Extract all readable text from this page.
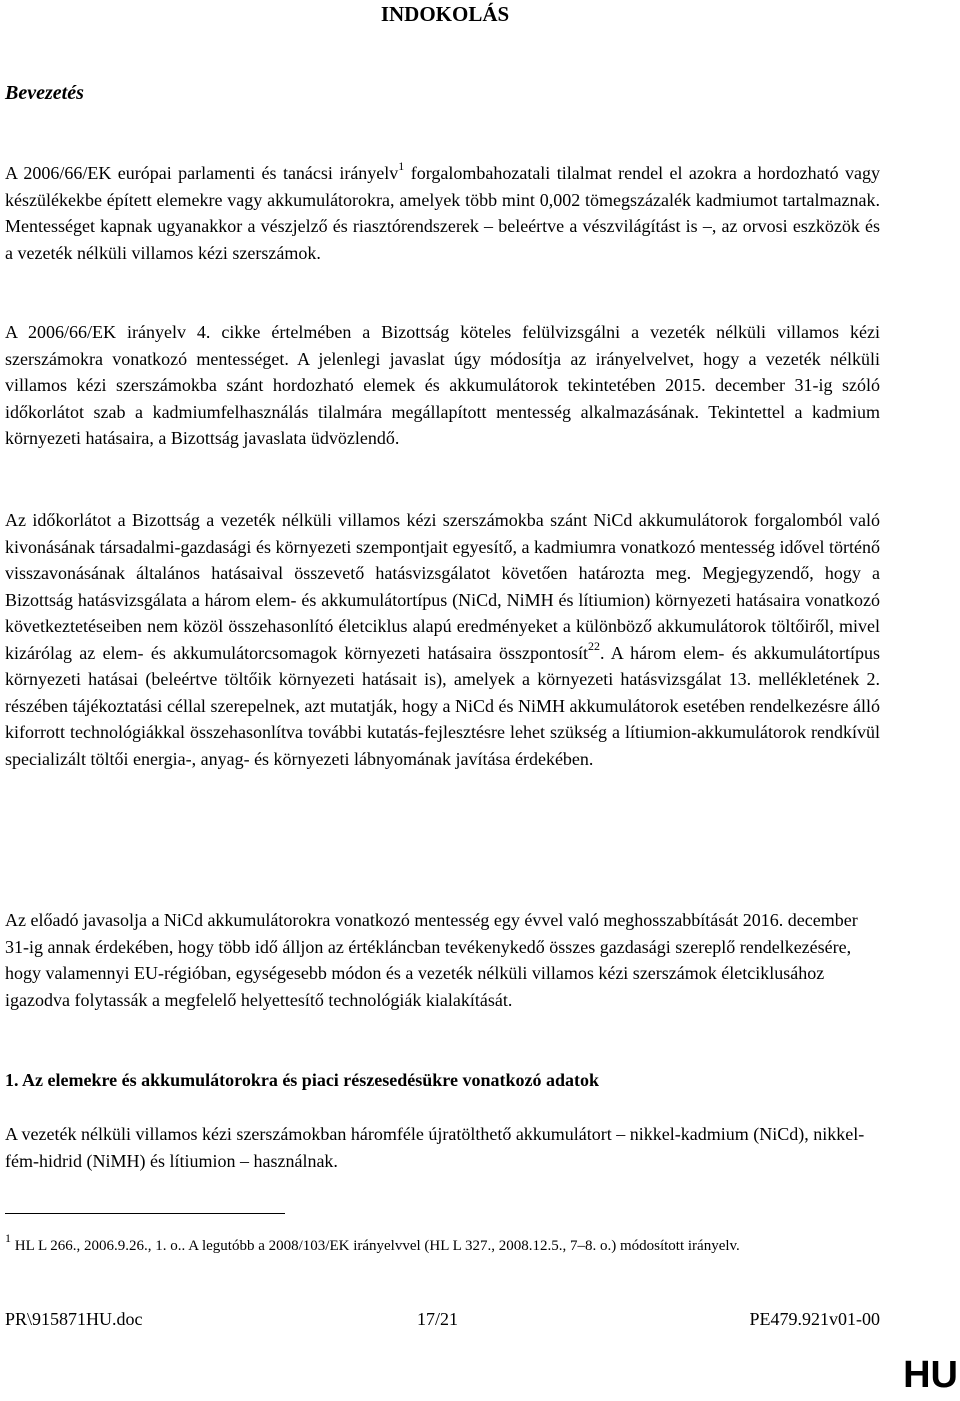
INDOKOLÁS
Bevezetés

A 2006/66/EK európai parlamenti és tanácsi irányelv$^1$ forgalombahozatali tilalmat rendel el azokra a hordozható vagy készülékekbe épített elemekre vagy akkumulátorokra, amelyek több mint 0,002 tömegszázalék kadmiumot tartalmaznak. Mentességet kapnak ugyanakkor a vészjelző és riasztórendszerek – beleértve a vészvilágítást is –, az orvosi eszközök és a vezeték nélküli villamos kézi szerszámok.

A 2006/66/EK irányelv 4. cikke értelmében a Bizottság köteles felülvizsgálni a vezeték nélküli villamos kézi szerszámokra vonatkozó mentességet. A jelenlegi javaslat úgy módosítja az irányelvelvet, hogy a vezeték nélküli villamos kézi szerszámokba szánt hordozható elemek és akkumulátorok tekintetében 2015. december 31-ig szóló időkorlátot szab a kadmiumfelhasználás tilalmára megállapított mentesség alkalmazásának. Tekintettel a kadmium környezeti hatásaira, a Bizottság javaslata üdvözlendő.

Az időkorlátot a Bizottság a vezeték nélküli villamos kézi szerszámokba szánt NiCd akkumulátorok forgalomból való kivonásának társadalmi-gazdasági és környezeti szempontjait egyesítő, a kadmiumra vonatkozó mentesség idővel történő visszavonásának általános hatásaival összevető hatásvizsgálatot követően határozta meg. Megjegyzendő, hogy a Bizottság hatásvizsgálata a három elem- és akkumulátortípus (NiCd, NiMH és lítiumion) környezeti hatásaira vonatkozó következtetéseiben nem közöl összehasonlító életciklus alapú eredményeket a különböző akkumulátorok töltőiről, mivel kizárólag az elem- és akkumulátorcsomagok környezeti hatásaira összpontosít$^{22}$. A három elem- és akkumulátortípus környezeti hatásai (beleértve töltőik környezeti hatásait is), amelyek a környezeti hatásvizsgálat 13. mellékletének 2. részében tájékoztatási céllal szerepelnek, azt mutatják, hogy a NiCd és NiMH akkumulátorok esetében rendelkezésre álló kiforrott technológiákkal összehasonlítva további kutatás-fejlesztésre lehet szükség a lítiumion-akkumulátorok rendkívül specializált töltői energia-, anyag- és környezeti lábnyomának javítása érdekében.

Az előadó javasolja a NiCd akkumulátorokra vonatkozó mentesség egy évvel való meghosszabbítását 2016. december 31-ig annak érdekében, hogy több idő álljon az értékláncban tevékenykedő összes gazdasági szereplő rendelkezésére, hogy valamennyi EU-régióban, egységesebb módon és a vezeték nélküli villamos kézi szerszámok életciklusához igazodva folytassák a megfelelő helyettesítő technológiák kialakítását.

1. Az elemekre és akkumulátorokra és piaci részesedésükre vonatkozó adatok

A vezeték nélküli villamos kézi szerszámokban háromféle újratölthető akkumulátort – nikkel-kadmium (NiCd), nikkel-fém-hidrid (NiMH) és lítiumion – használnak.

$^1$ HL L 266., 2006.9.26., 1. o.. A legutóbb a 2008/103/EK irányelvvel (HL L 327., 2008.12.5., 7–8. o.) módosított irányelv.
PR\915871HU.doc	17/21	PE479.921v01-00
HU
